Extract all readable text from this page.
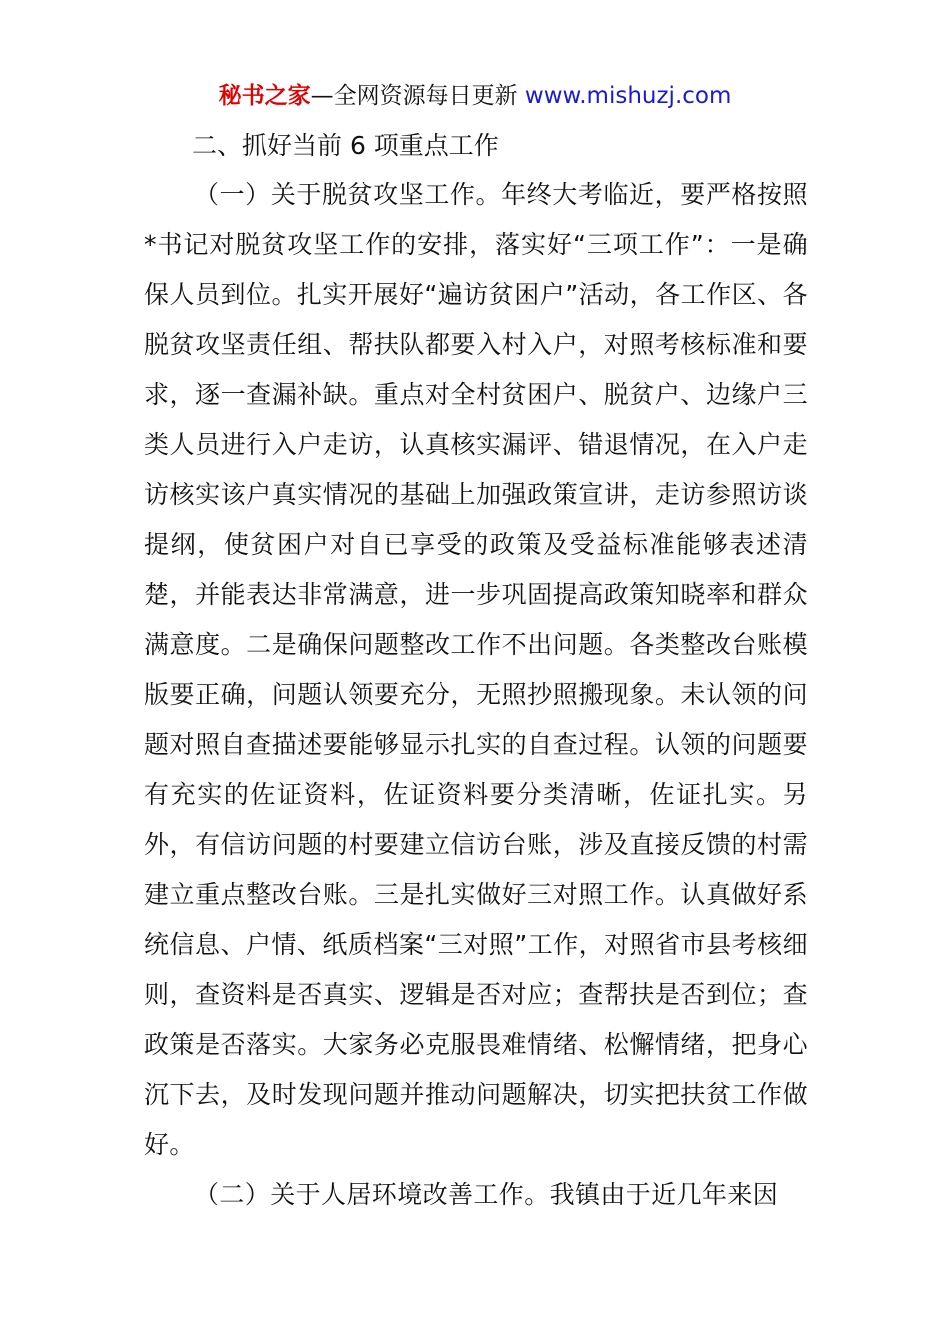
秘书之家—全网资源每日更新 www.mishuzj.com
二、抓好当前 6 项重点工作

（一）关于脱贫攻坚工作。年终大考临近，要严格按照*书记对脱贫攻坚工作的安排，落实好“三项工作”：一是确保人员到位。扎实开展好“遍访贫困户”活动，各工作区、各脱贫攻坚责任组、帮扶队都要入村入户，对照考核标准和要求，逐一查漏补缺。重点对全村贫困户、脱贫户、边缘户三类人员进行入户走访，认真核实漏评、错退情况，在入户走访核实该户真实情况的基础上加强政策宣讲，走访参照访谈提纲，使贫困户对自已享受的政策及受益标准能够表述清楚，并能表达非常满意，进一步巩固提高政策知晓率和群众满意度。二是确保问题整改工作不出问题。各类整改台账模版要正确，问题认领要充分，无照抄照搬现象。未认领的问题对照自查描述要能够显示扎实的自查过程。认领的问题要有充实的佐证资料，佐证资料要分类清晰，佐证扎实。另外，有信访问题的村要建立信访台账，涉及直接反馈的村需建立重点整改台账。三是扎实做好三对照工作。认真做好系统信息、户情、纸质档案“三对照”工作，对照省市县考核细则，查资料是否真实、逻辑是否对应；查帮扶是否到位；查政策是否落实。大家务必克服畏难情绪、松懈情绪，把身心沉下去，及时发现问题并推动问题解决，切实把扶贫工作做好。

（二）关于人居环境改善工作。我镇由于近几年来因
